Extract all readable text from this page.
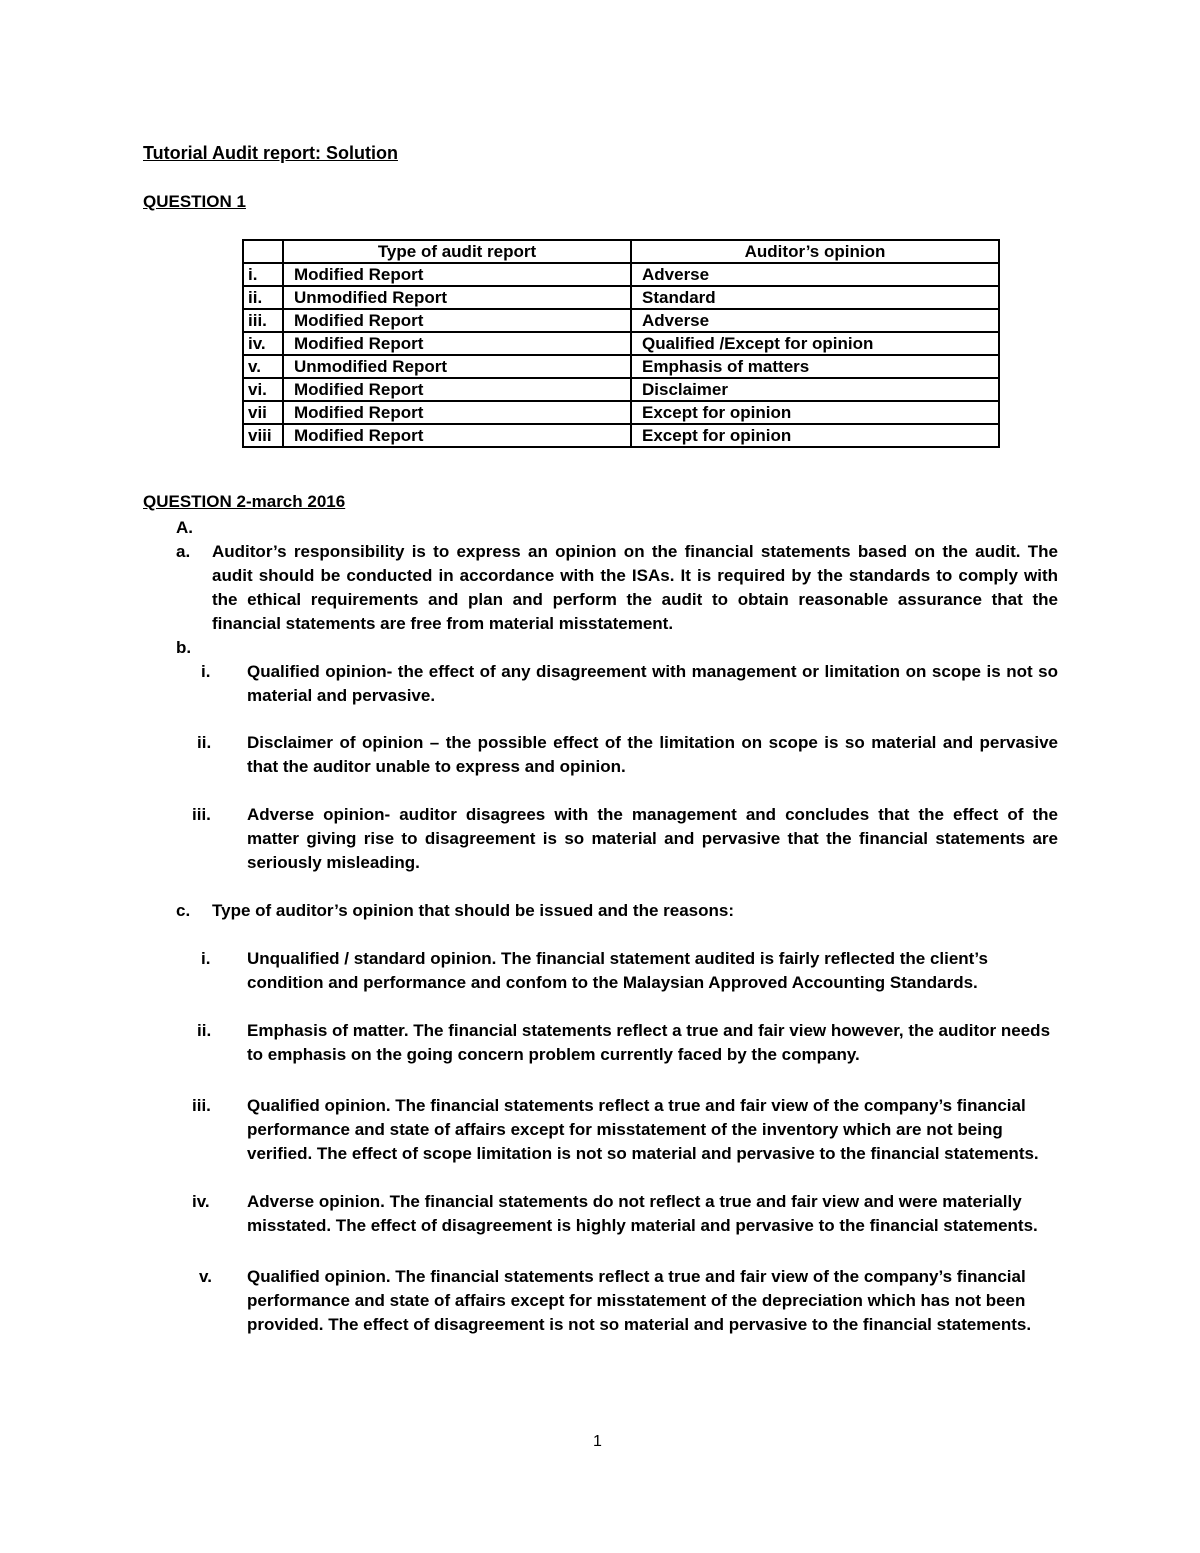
Tutorial Audit report: Solution
QUESTION 1
	Type of audit report	Auditor’s opinion
i.	Modified Report	Adverse
ii.	Unmodified Report	Standard
iii.	Modified Report	Adverse
iv.	Modified Report	Qualified /Except for opinion
v.	Unmodified Report	Emphasis of matters
vi.	Modified Report	Disclaimer
vii	Modified Report	Except for opinion
viii	Modified Report	Except for opinion
QUESTION 2-march 2016
A.
a. Auditor’s responsibility is to express an opinion on the financial statements based on the audit. The audit should be conducted in accordance with the ISAs. It is required by the standards to comply with the ethical requirements and plan and perform the audit to obtain reasonable assurance that the financial statements are free from material misstatement.
b.
i. Qualified opinion- the effect of any disagreement with management or limitation on scope is not so material and pervasive.
ii. Disclaimer of opinion – the possible effect of the limitation on scope is so material and pervasive that the auditor unable to express and opinion.
iii. Adverse opinion- auditor disagrees with the management and concludes that the effect of the matter giving rise to disagreement is so material and pervasive that the financial statements are seriously misleading.
c. Type of auditor’s opinion that should be issued and the reasons:
i. Unqualified / standard opinion. The financial statement audited is fairly reflected the client’s condition and performance and confom to the Malaysian Approved Accounting Standards.
ii. Emphasis of matter. The financial statements reflect a true and fair view however, the auditor needs to emphasis on the going concern problem currently faced by the company.
iii. Qualified opinion. The financial statements reflect a true and fair view of the company’s financial performance and state of affairs except for misstatement of the inventory which are not being verified. The effect of scope limitation is not so material and pervasive to the financial statements.
iv. Adverse opinion. The financial statements do not reflect a true and fair view and were materially misstated. The effect of disagreement is highly material and pervasive to the financial statements.
v. Qualified opinion. The financial statements reflect a true and fair view of the company’s financial performance and state of affairs except for misstatement of the depreciation which has not been provided. The effect of disagreement is not so material and pervasive to the financial statements.
1
